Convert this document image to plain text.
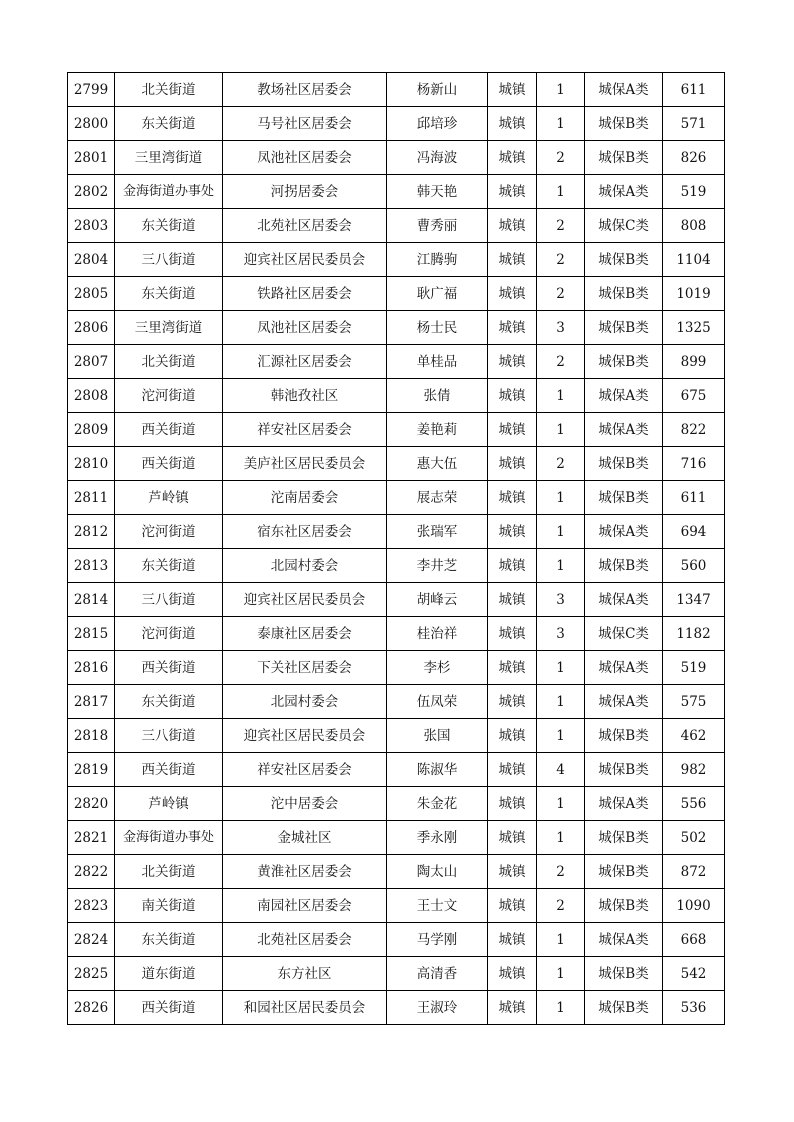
2799	北关街道	教场社区居委会	杨新山	城镇	1	城保A类	611
2800	东关街道	马号社区居委会	邱培珍	城镇	1	城保B类	571
2801	三里湾街道	凤池社区居委会	冯海波	城镇	2	城保B类	826
2802	金海街道办事处	河拐居委会	韩天艳	城镇	1	城保A类	519
2803	东关街道	北苑社区居委会	曹秀丽	城镇	2	城保C类	808
2804	三八街道	迎宾社区居民委员会	江腾驹	城镇	2	城保B类	1104
2805	东关街道	铁路社区居委会	耿广福	城镇	2	城保B类	1019
2806	三里湾街道	凤池社区居委会	杨士民	城镇	3	城保B类	1325
2807	北关街道	汇源社区居委会	单桂品	城镇	2	城保B类	899
2808	沱河街道	韩池孜社区	张倩	城镇	1	城保A类	675
2809	西关街道	祥安社区居委会	姜艳莉	城镇	1	城保A类	822
2810	西关街道	美庐社区居民委员会	惠大伍	城镇	2	城保B类	716
2811	芦岭镇	沱南居委会	展志荣	城镇	1	城保B类	611
2812	沱河街道	宿东社区居委会	张瑞军	城镇	1	城保A类	694
2813	东关街道	北园村委会	李井芝	城镇	1	城保B类	560
2814	三八街道	迎宾社区居民委员会	胡峰云	城镇	3	城保A类	1347
2815	沱河街道	泰康社区居委会	桂治祥	城镇	3	城保C类	1182
2816	西关街道	下关社区居委会	李杉	城镇	1	城保A类	519
2817	东关街道	北园村委会	伍凤荣	城镇	1	城保A类	575
2818	三八街道	迎宾社区居民委员会	张国	城镇	1	城保B类	462
2819	西关街道	祥安社区居委会	陈淑华	城镇	4	城保B类	982
2820	芦岭镇	沱中居委会	朱金花	城镇	1	城保A类	556
2821	金海街道办事处	金城社区	季永刚	城镇	1	城保B类	502
2822	北关街道	黄淮社区居委会	陶太山	城镇	2	城保B类	872
2823	南关街道	南园社区居委会	王士文	城镇	2	城保B类	1090
2824	东关街道	北苑社区居委会	马学刚	城镇	1	城保A类	668
2825	道东街道	东方社区	高清香	城镇	1	城保B类	542
2826	西关街道	和园社区居民委员会	王淑玲	城镇	1	城保B类	536
